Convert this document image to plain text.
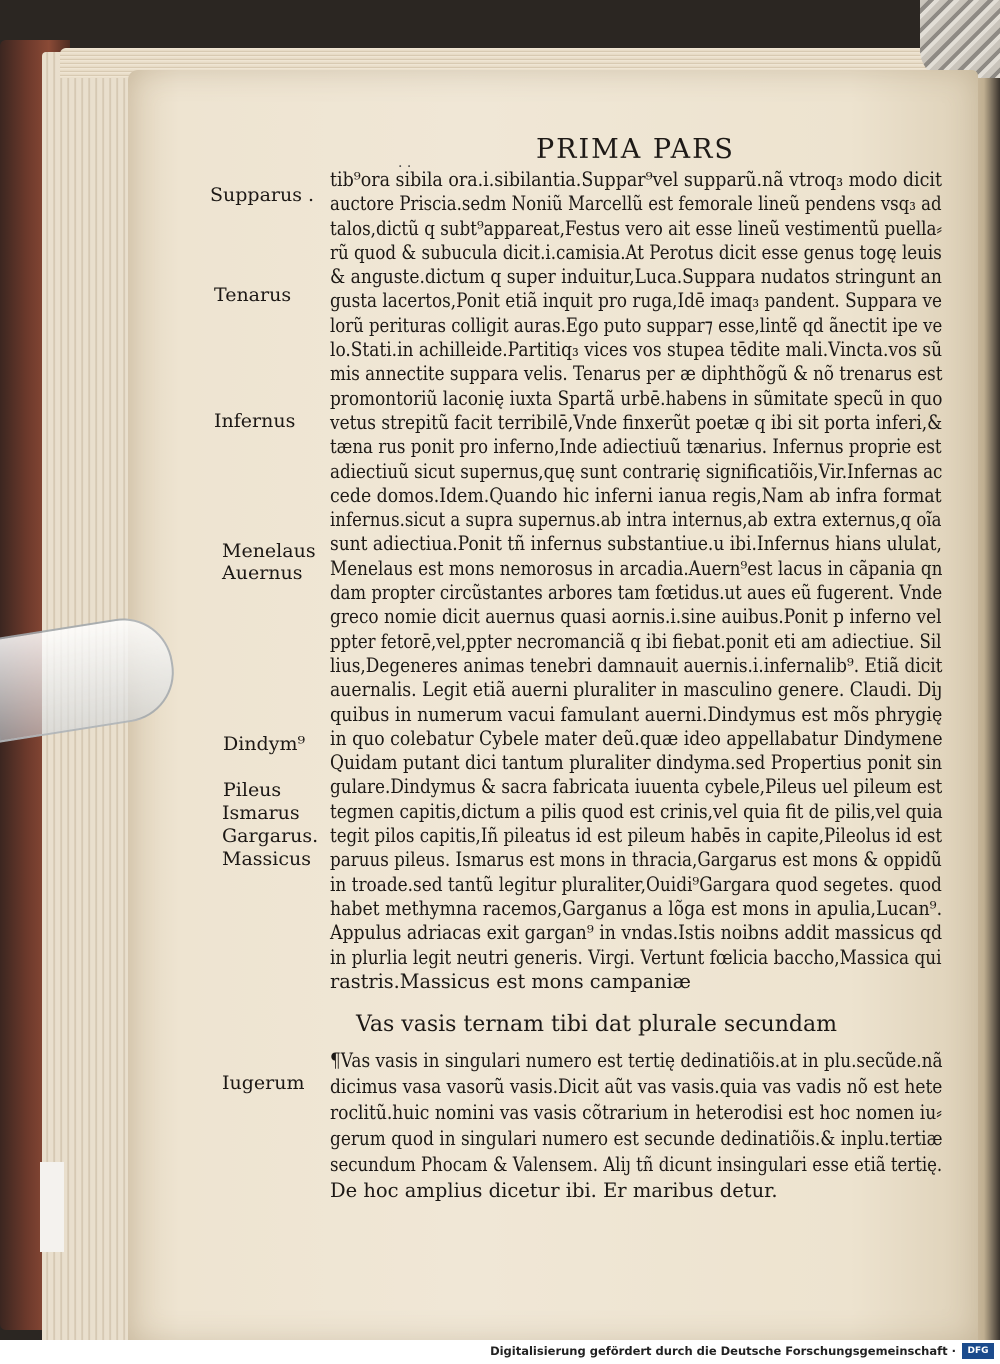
. .	PRIMA PARS
Supparus .
Tenarus
Infernus
Menelaus
Auernus
Dindym⁹
Pileus
Ismarus
Gargarus.
Massicus
Iugerum
tib⁹ora sibila ora.i.sibilantia.Suppar⁹vel supparũ.nã vtroq₃ modo dicit
auctore Priscia.sedm Noniũ Marcellũ est femorale lineũ pendens vsq₃ ad
talos,dictũ q subt⁹appareat,Festus vero ait esse lineũ vestimentũ puella⸗
rũ quod & subucula dicit.i.camisia.At Perotus dicit esse genus togę leuis
& anguste.dictum q super induitur,Luca.Suppara nudatos stringunt an
gusta lacertos,Ponit etiã inquit pro ruga,Idē imaq₃ pandent. Suppara ve
lorũ perituras colligit auras.Ego puto suppar⁊ esse,lintẽ qd ãnectit ipe ve
lo.Stati.in achilleide.Partitiq₃ vices vos stupea tēdite mali.Vincta.vos sũ
mis annectite suppara velis. Tenarus per æ diphthõgũ & nõ trenarus est
promontoriũ laconię iuxta Spartã urbē.habens in sũmitate specũ in quo
vetus strepitũ facit terribilē,Vnde finxerũt poetæ q ibi sit porta inferi,&
tæna rus ponit pro inferno,Inde adiectiuũ tænarius. Infernus proprie est
adiectiuũ sicut supernus,quę sunt contrarię significatiõis,Vir.Infernas ac
cede domos.Idem.Quando hic inferni ianua regis,Nam ab infra format
infernus.sicut a supra supernus.ab intra internus,ab extra externus,q oĩa
sunt adiectiua.Ponit tñ infernus substantiue.u ibi.Infernus hians ululat,
Menelaus est mons nemorosus in arcadia.Auern⁹est lacus in cãpania qn
dam propter circũstantes arbores tam fœtidus.ut aues eũ fugerent. Vnde
greco nomie dicit auernus quasi aornis.i.sine auibus.Ponit p inferno vel
ppter fetorē,vel,ppter necromanciã q ibi fiebat.ponit eti am adiectiue. Sil
lius,Degeneres animas tenebri damnauit auernis.i.infernalib⁹. Etiã dicit
auernalis. Legit etiã auerni pluraliter in masculino genere. Claudi. Diȷ
quibus in numerum vacui famulant auerni.Dindymus est mõs phrygię
in quo colebatur Cybele mater deũ.quæ ideo appellabatur Dindymene
Quidam putant dici tantum pluraliter dindyma.sed Propertius ponit sin
gulare.Dindymus & sacra fabricata iuuenta cybele,Pileus uel pileum est
tegmen capitis,dictum a pilis quod est crinis,vel quia fit de pilis,vel quia
tegit pilos capitis,Iñ pileatus id est pileum habēs in capite,Pileolus id est
paruus pileus. Ismarus est mons in thracia,Gargarus est mons & oppidũ
in troade.sed tantũ legitur pluraliter,Ouidi⁹Gargara quod segetes. quod
habet methymna racemos,Garganus a lõga est mons in apulia,Lucan⁹.
Appulus adriacas exit gargan⁹ in vndas.Istis noibns addit massicus qd
in plurlia legit neutri generis. Virgi. Vertunt fœlicia baccho,Massica qui
rastris.Massicus est mons campaniæ
Vas vasis ternam tibi dat plurale secundam
¶Vas vasis in singulari numero est tertię dedinatiõis.at in plu.secũde.nã
dicimus vasa vasorũ vasis.Dicit aũt vas vasis.quia vas vadis nõ est hete
roclitũ.huic nomini vas vasis cõtrarium in heterodisi est hoc nomen iu⸗
gerum quod in singulari numero est secunde dedinatiõis.& inplu.tertiæ
secundum Phocam & Valensem. Aliȷ tñ dicunt insingulari esse etiã tertię.
De hoc amplius dicetur ibi. Er maribus detur.
Digitalisierung gefördert durch die Deutsche Forschungsgemeinschaft ·	DFG
